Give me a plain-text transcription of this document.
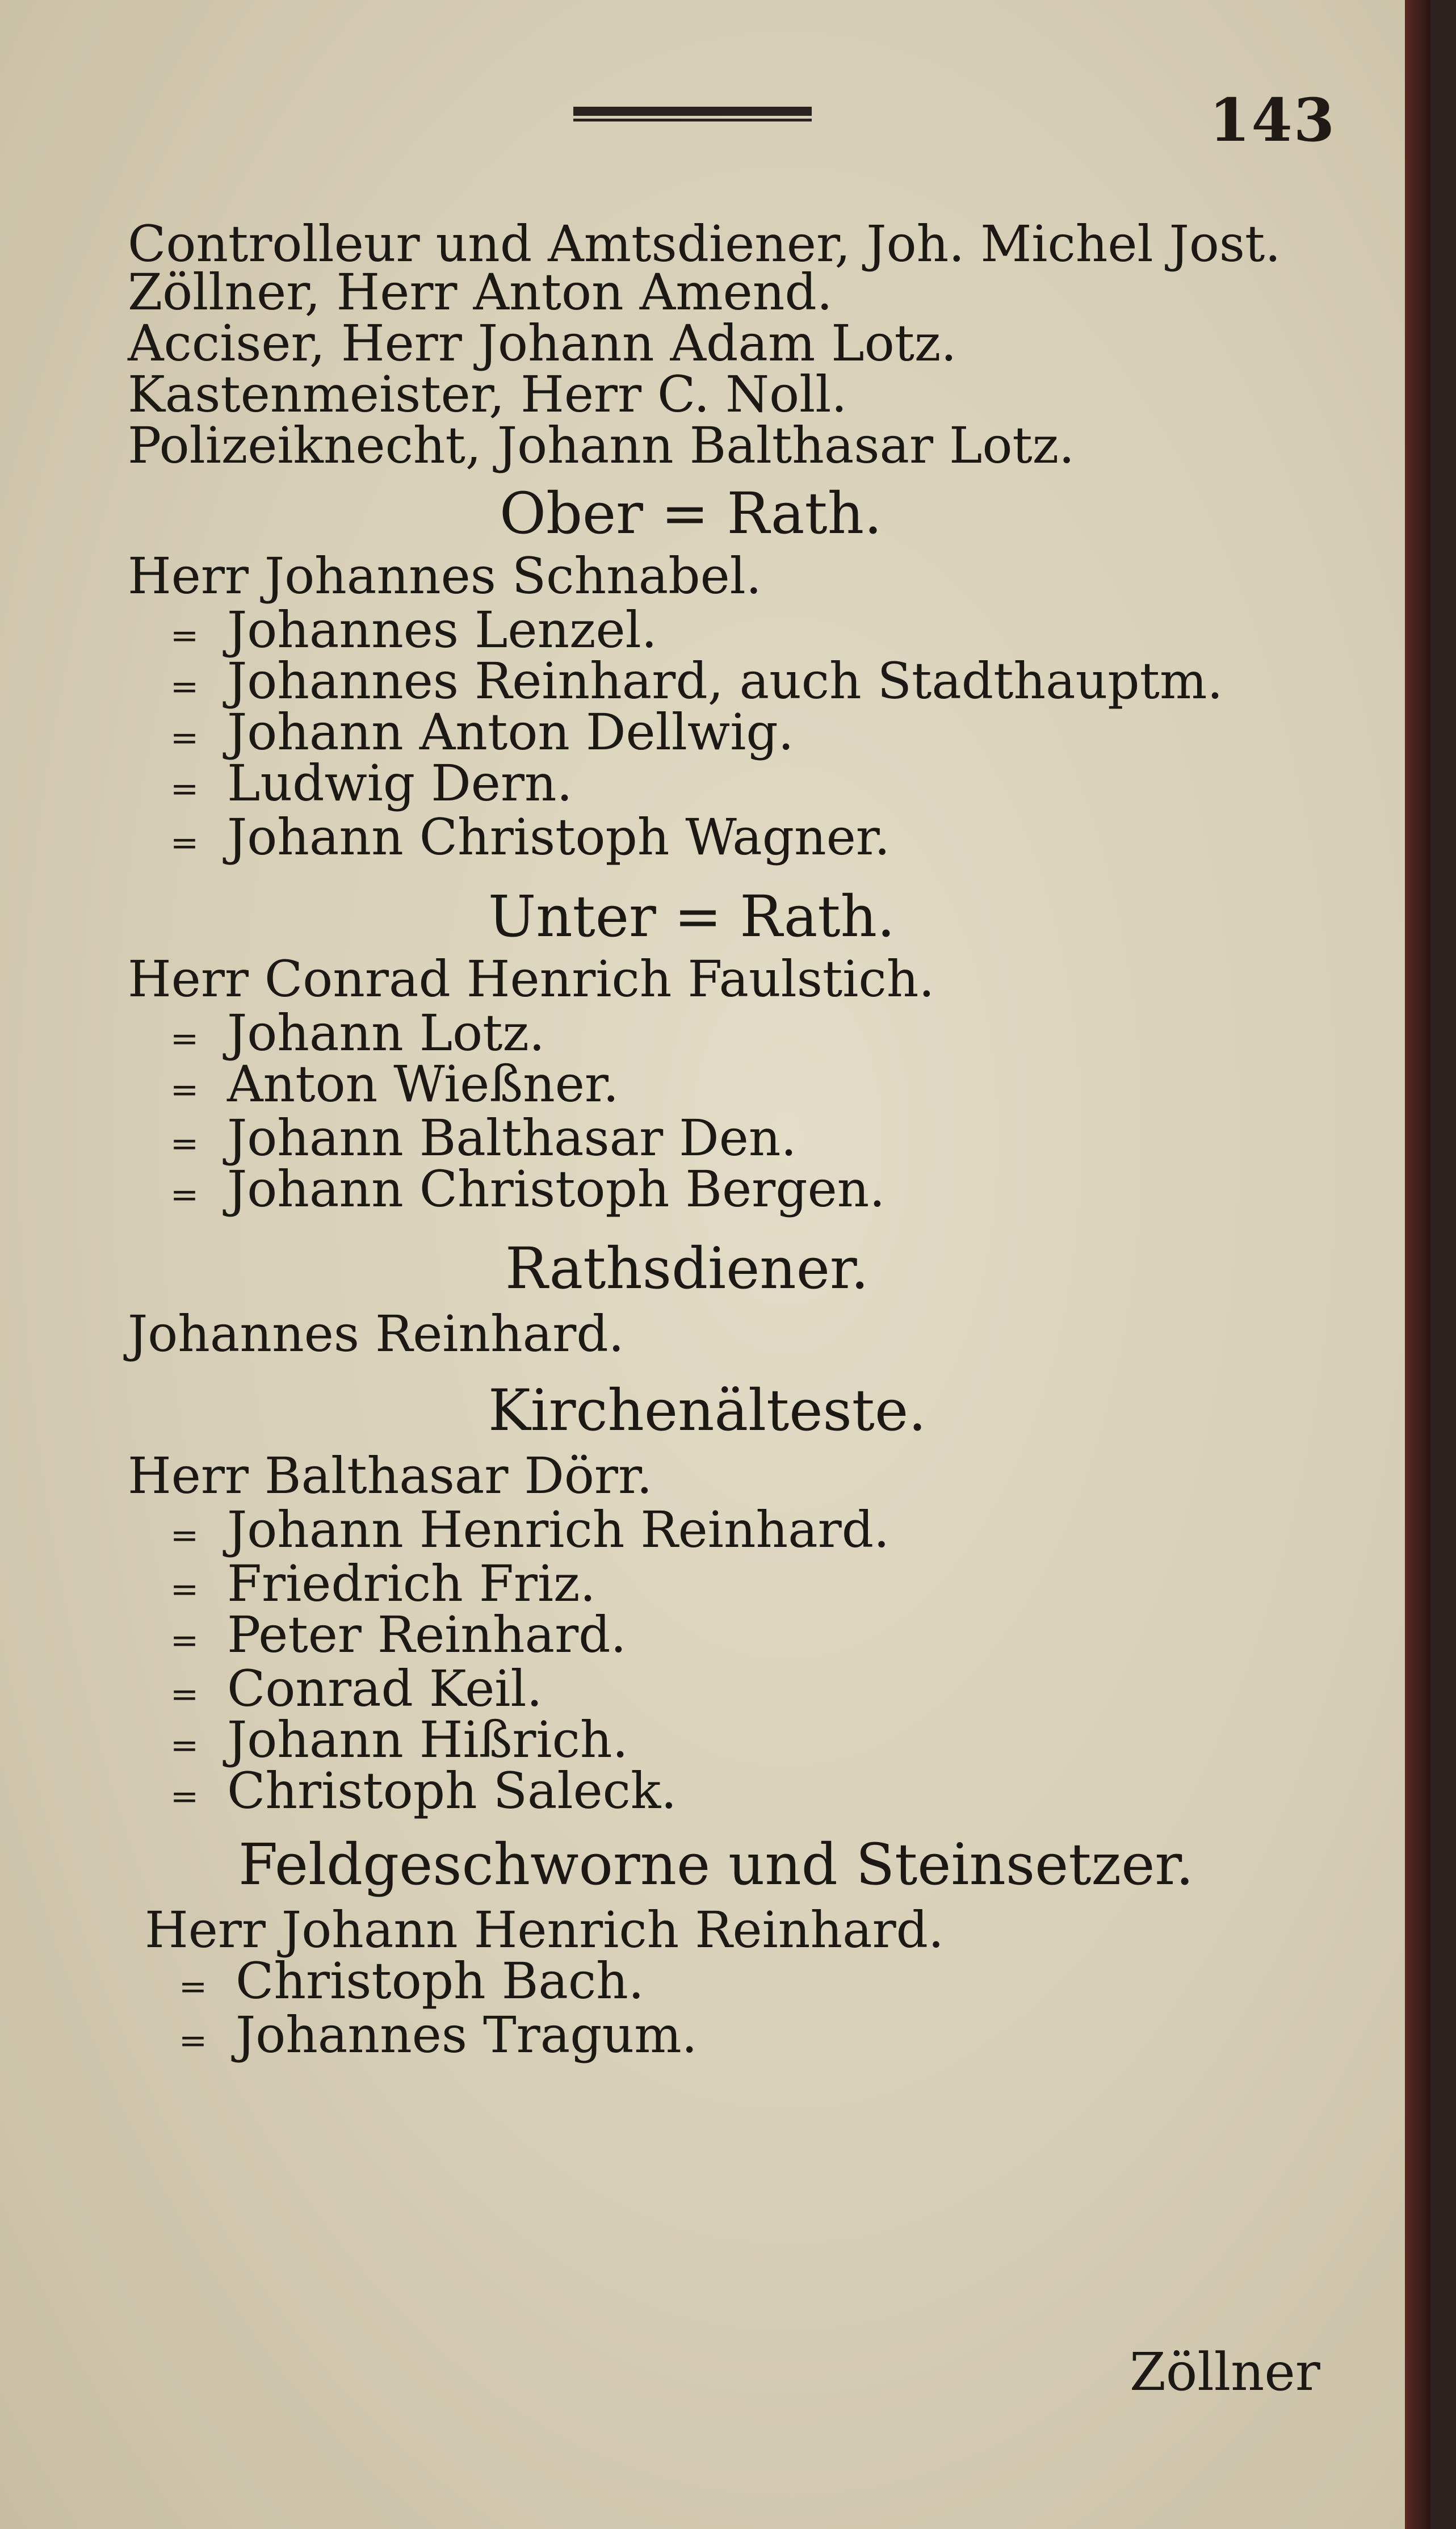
143
Controlleur und Amtsdiener, Joh. Michel Jost.
Zöllner, Herr Anton Amend.
Acciser, Herr Johann Adam Lotz.
Kastenmeister, Herr C. Noll.
Polizeiknecht, Johann Balthasar Lotz.
Ober = Rath.
Herr Johannes Schnabel.
= Johannes Lenzel.
= Johannes Reinhard, auch Stadthauptm.
= Johann Anton Dellwig.
= Ludwig Dern.
= Johann Christoph Wagner.
Unter = Rath.
Herr Conrad Henrich Faulstich.
= Johann Lotz.
= Anton Wießner.
= Johann Balthasar Den.
= Johann Christoph Bergen.
Rathsdiener.
Johannes Reinhard.
Kirchenälteste.
Herr Balthasar Dörr.
= Johann Henrich Reinhard.
= Friedrich Friz.
= Peter Reinhard.
= Conrad Keil.
= Johann Hißrich.
= Christoph Saleck.
Feldgeschworne und Steinsetzer.
Herr Johann Henrich Reinhard.
= Christoph Bach.
= Johannes Tragum.
Zöllner
